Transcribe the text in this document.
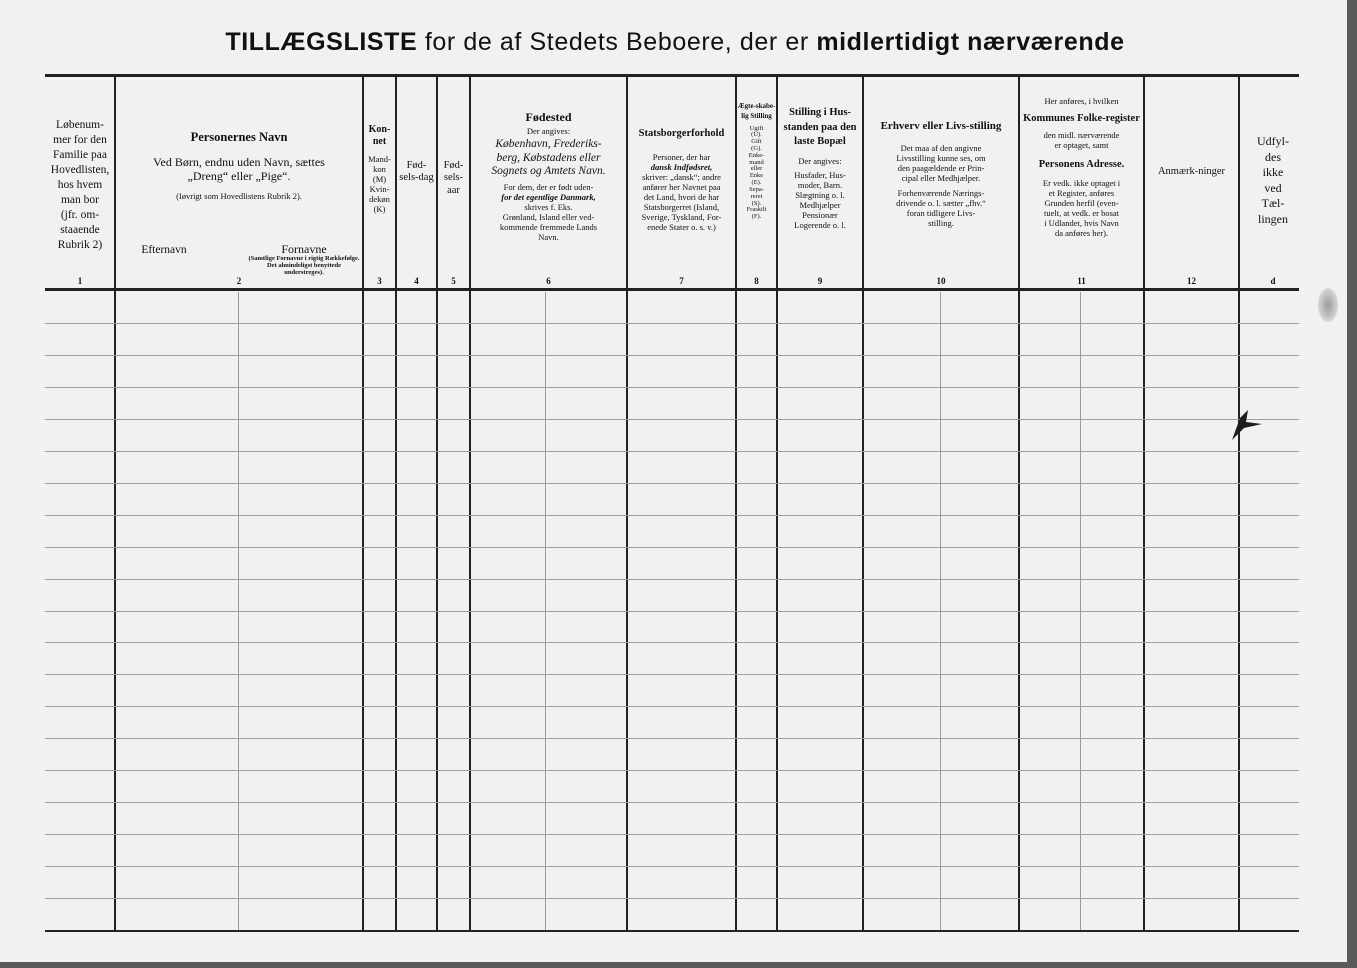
TILLÆGSLISTE for de af Stedets Beboere, der er midlertidigt nærværende
Løbenum-
mer for den
Familie paa
Hovedlisten,
hos hvem
man bor
(jfr. om-
staaende
Rubrik 2)
Personernes Navn
Ved Børn, endnu uden Navn, sættes
„Dreng“ eller „Pige“.
(Iøvrigt som Hovedlistens Rubrik 2).
Efternavn	Fornavne
(Samtlige Fornavne i rigtig Rækkefølge. Det almindeligst benyttede understreges).
Kon-net
Mand-
kon
(M)
Kvin-
dekøn
(K)
Fød-sels-dag
Fød-sels-aar
Fødested
Der angives:
København, Frederiks-
berg, Købstadens eller
Sognets og Amtets Navn.
For dem, der er født uden-
for det egentlige Danmark,
skrives f. Eks.
Grønland, Island eller ved-
kommende fremmede Lands
Navn.
Statsborgerforhold
Personer, der har
dansk Indfødsret,
skriver: „dansk“; andre
anfører her Navnet paa
det Land, hvori de har
Statsborgerret (Island,
Sverige, Tyskland, For-
enede Stater o. s. v.)
Ægte-skabe-lig Stilling
Ugift
(U).
Gift
(G).
Enke-
mand
eller
Enke
(E).
Sepa-
reret
(S).
Fraskilt
(F).
Stilling i Hus-standen paa den laste Bopæl
Der angives:
Husfader, Hus-
moder, Barn.
Slægtning o. l.
Medhjælper
Pensionær
Logerende o. l.
Erhverv eller Livs-stilling
Det maa af den angivne
Livsstilling kunne ses, om
den paagældende er Prin-
cipal eller Medhjælper.
Forhenværende Nærings-
drivende o. l. sætter „fhv.“
foran tidligere Livs-
stilling.
Her anføres, i hvilken
Kommunes Folke-register
den midl. nærværende
er optaget, samt
Personens Adresse.
Er vedk. ikke optaget i
et Register, anføres
Grunden herfil (even-
tuelt, at vedk. er bosat
i Udlandet, hvis Navn
da anføres her).
Anmærk-ninger
Udfyl-
des
ikke
ved
Tæl-
lingen
1	2	3	4	5	6	7	8	9	10	11	12	d
